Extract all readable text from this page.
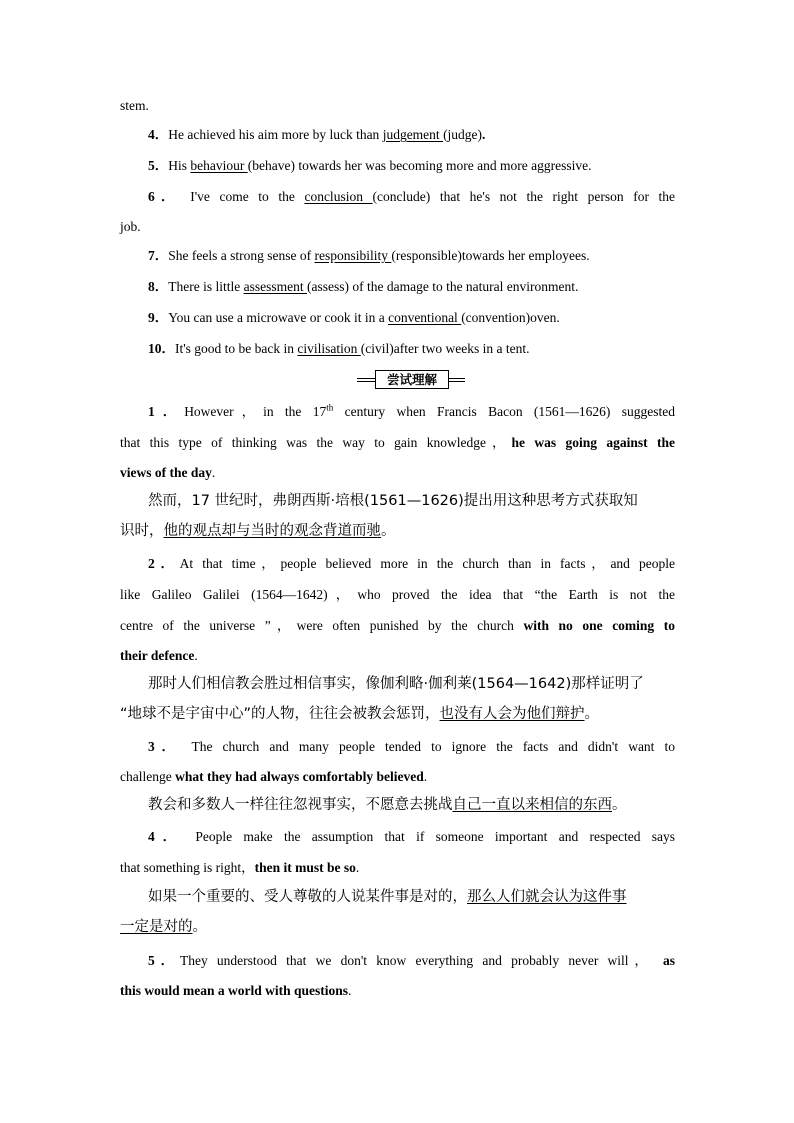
stem.
4．He achieved his aim more by luck than judgement (judge).
5．His behaviour (behave) towards her was becoming more and more aggressive.
6． I've come to the conclusion (conclude) that he's not the right person for the
job.
7．She feels a strong sense of responsibility (responsible)towards her employees.
8．There is little assessment (assess) of the damage to the natural environment.
9．You can use a microwave or cook it in a conventional (convention)oven.
10．It's good to be back in civilisation (civil)after two weeks in a tent.
尝试理解
1．However，in the 17th century when Francis Bacon (1561—1626) suggested
that this type of thinking was the way to gain knowledge，he was going against the
views of the day.
然而，17 世纪时，弗朗西斯·培根(1561—1626)提出用这种思考方式获取知
识时，他的观点却与当时的观念背道而驰。
2．At that time，people believed more in the church than in facts，and people
like Galileo Galilei (1564—1642)，who proved the idea that “the Earth is not the
centre of the universe ”，were often punished by the church with no one coming to
their defence.
那时人们相信教会胜过相信事实，像伽利略·伽利莱(1564—1642)那样证明了
“地球不是宇宙中心”的人物，往往会被教会惩罚，也没有人会为他们辩护。
3． The church and many people tended to ignore the facts and didn't want to
challenge what they had always comfortably believed.
教会和多数人一样往往忽视事实，不愿意去挑战自己一直以来相信的东西。
4． People make the assumption that if someone important and respected says
that something is right，then it must be so.
如果一个重要的、受人尊敬的人说某件事是对的，那么人们就会认为这件事
一定是对的。
5．They understood that we don't know everything and probably never will， as
this would mean a world with questions.
